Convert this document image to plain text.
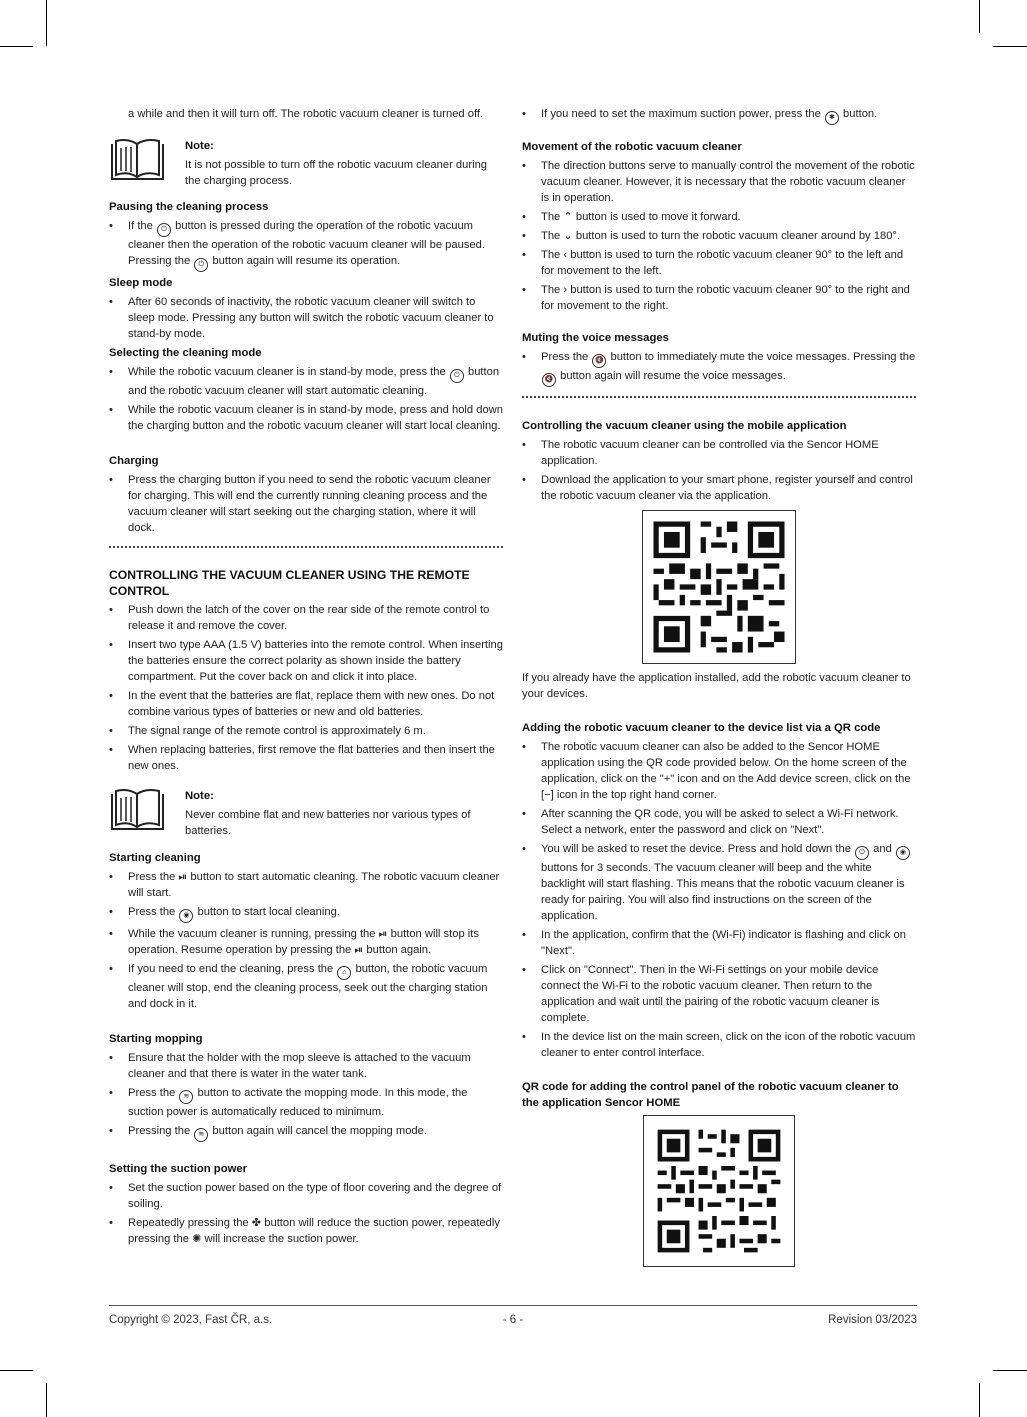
a while and then it will turn off. The robotic vacuum cleaner is turned off.

Note:

It is not possible to turn off the robotic vacuum cleaner during the charging process.

Pausing the cleaning process

• If the ⏻ button is pressed during the operation of the robotic vacuum cleaner then the operation of the robotic vacuum cleaner will be paused. Pressing the ⏻ button again will resume its operation.

Sleep mode

• After 60 seconds of inactivity, the robotic vacuum cleaner will switch to sleep mode. Pressing any button will switch the robotic vacuum cleaner to stand-by mode.

Selecting the cleaning mode

• While the robotic vacuum cleaner is in stand-by mode, press the ⏻ button and the robotic vacuum cleaner will start automatic cleaning.
• While the robotic vacuum cleaner is in stand-by mode, press and hold down the charging button and the robotic vacuum cleaner will start local cleaning.

Charging

• Press the charging button if you need to send the robotic vacuum cleaner for charging. This will end the currently running cleaning process and the vacuum cleaner will start seeking out the charging station, where it will dock.

CONTROLLING THE VACUUM CLEANER USING THE REMOTE CONTROL

• Push down the latch of the cover on the rear side of the remote control to release it and remove the cover.
• Insert two type AAA (1.5 V) batteries into the remote control. When inserting the batteries ensure the correct polarity as shown inside the battery compartment. Put the cover back on and click it into place.
• In the event that the batteries are flat, replace them with new ones. Do not combine various types of batteries or new and old batteries.
• The signal range of the remote control is approximately 6 m.
• When replacing batteries, first remove the flat batteries and then insert the new ones.

Note:

Never combine flat and new batteries nor various types of batteries.

Starting cleaning

• Press the ⏯ button to start automatic cleaning. The robotic vacuum cleaner will start.
• Press the ◉ button to start local cleaning.
• While the vacuum cleaner is running, pressing the ⏯ button will stop its operation. Resume operation by pressing the ⏯ button again.
• If you need to end the cleaning, press the ⌂ button, the robotic vacuum cleaner will stop, end the cleaning process, seek out the charging station and dock in it.

Starting mopping

• Ensure that the holder with the mop sleeve is attached to the vacuum cleaner and that there is water in the water tank.
• Press the ≋ button to activate the mopping mode. In this mode, the suction power is automatically reduced to minimum.
• Pressing the ≋ button again will cancel the mopping mode.

Setting the suction power

• Set the suction power based on the type of floor covering and the degree of soiling.
• Repeatedly pressing the ✤ button will reduce the suction power, repeatedly pressing the ✺ will increase the suction power.
• If you need to set the maximum suction power, press the ✱ button.

Movement of the robotic vacuum cleaner

• The direction buttons serve to manually control the movement of the robotic vacuum cleaner. However, it is necessary that the robotic vacuum cleaner is in operation.
• The ⌃ button is used to move it forward.
• The ⌄ button is used to turn the robotic vacuum cleaner around by 180°.
• The ‹ button is used to turn the robotic vacuum cleaner 90° to the left and for movement to the left.
• The › button is used to turn the robotic vacuum cleaner 90° to the right and for movement to the right.

Muting the voice messages

• Press the 🔇 button to immediately mute the voice messages. Pressing the 🔇 button again will resume the voice messages.

Controlling the vacuum cleaner using the mobile application

• The robotic vacuum cleaner can be controlled via the Sencor HOME application.
• Download the application to your smart phone, register yourself and control the robotic vacuum cleaner via the application.

If you already have the application installed, add the robotic vacuum cleaner to your devices.

Adding the robotic vacuum cleaner to the device list via a QR code

• The robotic vacuum cleaner can also be added to the Sencor HOME application using the QR code provided below. On the home screen of the application, click on the "+" icon and on the Add device screen, click on the [−] icon in the top right hand corner.
• After scanning the QR code, you will be asked to select a Wi-Fi network. Select a network, enter the password and click on "Next".
• You will be asked to reset the device. Press and hold down the ⏻ and ◉ buttons for 3 seconds. The vacuum cleaner will beep and the white backlight will start flashing. This means that the robotic vacuum cleaner is ready for pairing. You will also find instructions on the screen of the application.
• In the application, confirm that the (Wi-Fi) indicator is flashing and click on "Next".
• Click on "Connect". Then in the Wi-Fi settings on your mobile device connect the Wi-Fi to the robotic vacuum cleaner. Then return to the application and wait until the pairing of the robotic vacuum cleaner is complete.
• In the device list on the main screen, click on the icon of the robotic vacuum cleaner to enter control interface.

QR code for adding the control panel of the robotic vacuum cleaner to the application Sencor HOME

Copyright © 2023, Fast ČR, a.s.	- 6 -	Revision 03/2023
